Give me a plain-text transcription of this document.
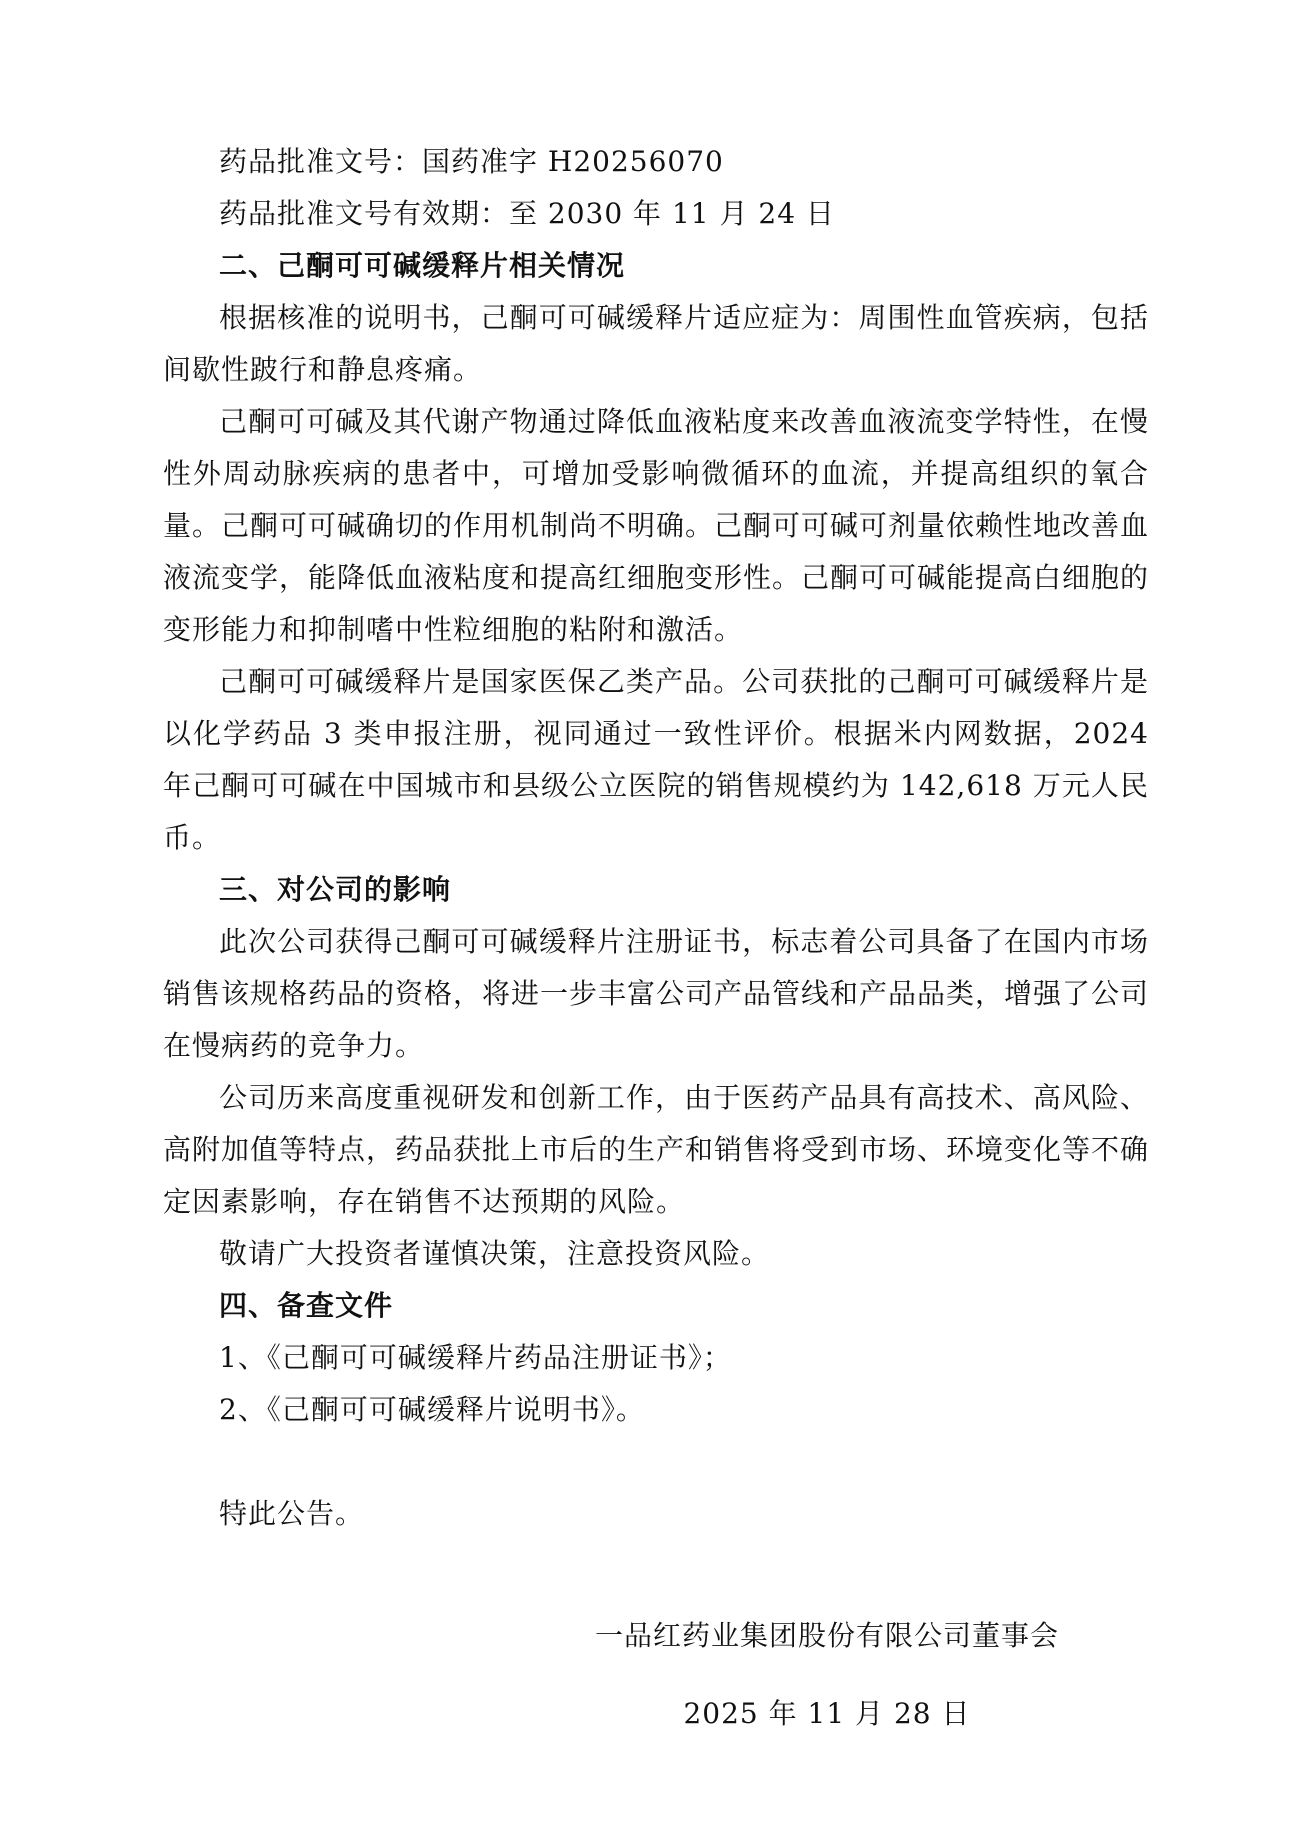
药品批准文号：国药准字 H20256070

药品批准文号有效期：至 2030 年 11 月 24 日

二、己酮可可碱缓释片相关情况

根据核准的说明书，己酮可可碱缓释片适应症为：周围性血管疾病，包括间歇性跛行和静息疼痛。

己酮可可碱及其代谢产物通过降低血液粘度来改善血液流变学特性，在慢性外周动脉疾病的患者中，可增加受影响微循环的血流，并提高组织的氧合量。己酮可可碱确切的作用机制尚不明确。己酮可可碱可剂量依赖性地改善血液流变学，能降低血液粘度和提高红细胞变形性。己酮可可碱能提高白细胞的变形能力和抑制嗜中性粒细胞的粘附和激活。

己酮可可碱缓释片是国家医保乙类产品。公司获批的己酮可可碱缓释片是以化学药品 3 类申报注册，视同通过一致性评价。根据米内网数据，2024 年己酮可可碱在中国城市和县级公立医院的销售规模约为 142,618 万元人民币。

三、对公司的影响

此次公司获得己酮可可碱缓释片注册证书，标志着公司具备了在国内市场销售该规格药品的资格，将进一步丰富公司产品管线和产品品类，增强了公司在慢病药的竞争力。

公司历来高度重视研发和创新工作，由于医药产品具有高技术、高风险、高附加值等特点，药品获批上市后的生产和销售将受到市场、环境变化等不确定因素影响，存在销售不达预期的风险。

敬请广大投资者谨慎决策，注意投资风险。

四、备查文件

1、《己酮可可碱缓释片药品注册证书》；

2、《己酮可可碱缓释片说明书》。

特此公告。

一品红药业集团股份有限公司董事会

2025 年 11 月 28 日
